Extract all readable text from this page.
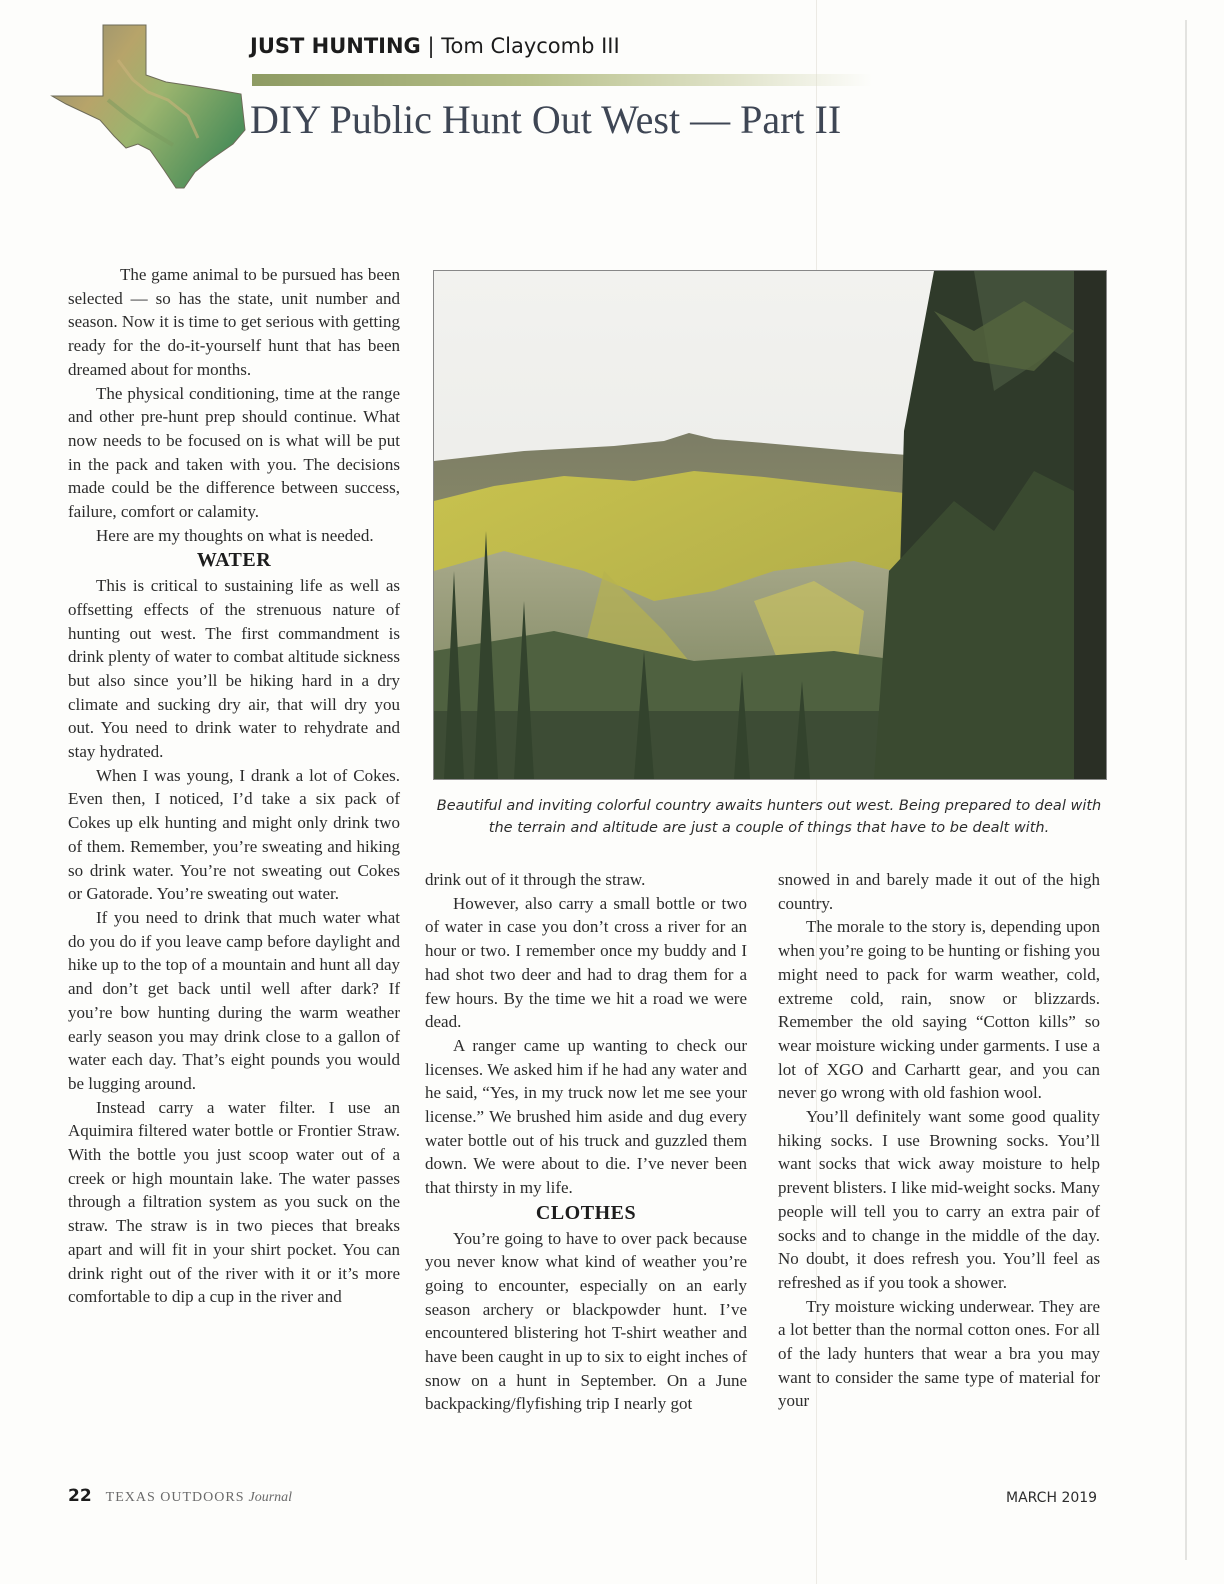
JUST HUNTING | Tom Claycomb III
DIY Public Hunt Out West — Part II

The game animal to be pursued has been selected — so has the state, unit number and season. Now it is time to get serious with getting ready for the do-it-yourself hunt that has been dreamed about for months.

The physical conditioning, time at the range and other pre-hunt prep should continue. What now needs to be focused on is what will be put in the pack and taken with you. The decisions made could be the difference between success, failure, comfort or calamity.

Here are my thoughts on what is needed.

WATER

This is critical to sustaining life as well as offsetting effects of the strenuous nature of hunting out west. The first commandment is drink plenty of water to combat altitude sickness but also since you’ll be hiking hard in a dry climate and sucking dry air, that will dry you out. You need to drink water to rehydrate and stay hydrated.

When I was young, I drank a lot of Cokes. Even then, I noticed, I’d take a six pack of Cokes up elk hunting and might only drink two of them. Remember, you’re sweating and hiking so drink water. You’re not sweating out Cokes or Gatorade. You’re sweating out water.

If you need to drink that much water what do you do if you leave camp before daylight and hike up to the top of a mountain and hunt all day and don’t get back until well after dark? If you’re bow hunting during the warm weather early season you may drink close to a gallon of water each day. That’s eight pounds you would be lugging around.

Instead carry a water filter. I use an Aquimira filtered water bottle or Frontier Straw. With the bottle you just scoop water out of a creek or high mountain lake. The water passes through a filtration system as you suck on the straw. The straw is in two pieces that breaks apart and will fit in your shirt pocket. You can drink right out of the river with it or it’s more comfortable to dip a cup in the river and

Beautiful and inviting colorful country awaits hunters out west. Being prepared to deal with the terrain and altitude are just a couple of things that have to be dealt with.

drink out of it through the straw.

However, also carry a small bottle or two of water in case you don’t cross a river for an hour or two. I remember once my buddy and I had shot two deer and had to drag them for a few hours. By the time we hit a road we were dead.

A ranger came up wanting to check our licenses. We asked him if he had any water and he said, “Yes, in my truck now let me see your license.” We brushed him aside and dug every water bottle out of his truck and guzzled them down. We were about to die. I’ve never been that thirsty in my life.

CLOTHES

You’re going to have to over pack because you never know what kind of weather you’re going to encounter, especially on an early season archery or blackpowder hunt. I’ve encountered blistering hot T-shirt weather and have been caught in up to six to eight inches of snow on a hunt in September. On a June backpacking/flyfishing trip I nearly got

snowed in and barely made it out of the high country.

The morale to the story is, depending upon when you’re going to be hunting or fishing you might need to pack for warm weather, cold, extreme cold, rain, snow or blizzards. Remember the old saying “Cotton kills” so wear moisture wicking under garments. I use a lot of XGO and Carhartt gear, and you can never go wrong with old fashion wool.

You’ll definitely want some good quality hiking socks. I use Browning socks. You’ll want socks that wick away moisture to help prevent blisters. I like mid-weight socks. Many people will tell you to carry an extra pair of socks and to change in the middle of the day. No doubt, it does refresh you. You’ll feel as refreshed as if you took a shower.

Try moisture wicking underwear. They are a lot better than the normal cotton ones. For all of the lady hunters that wear a bra you may want to consider the same type of material for your

22 TEXAS OUTDOORS Journal	MARCH 2019
